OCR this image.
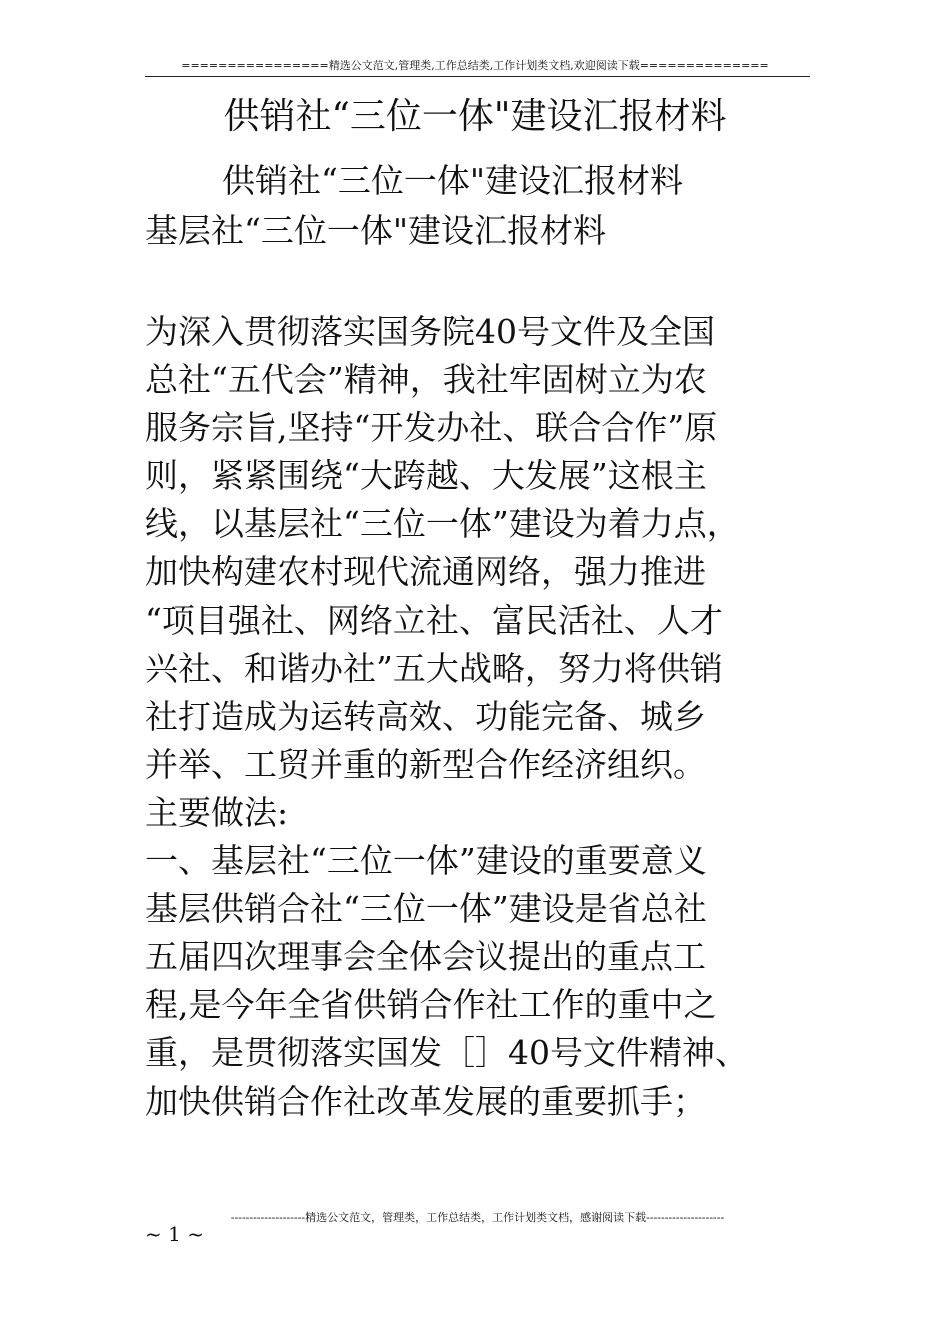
================精选公文范文,管理类,工作总结类,工作计划类文档,欢迎阅读下载==============
供销社“三位一体"建设汇报材料
供销社“三位一体"建设汇报材料
基层社“三位一体"建设汇报材料
为深入贯彻落实国务院40号文件及全国
总社“五代会”精神，我社牢固树立为农
服务宗旨,坚持“开发办社、联合合作”原
则，紧紧围绕“大跨越、大发展”这根主
线，以基层社“三位一体”建设为着力点，
加快构建农村现代流通网络，强力推进
“项目强社、网络立社、富民活社、人才
兴社、和谐办社”五大战略，努力将供销
社打造成为运转高效、功能完备、城乡
并举、工贸并重的新型合作经济组织。
主要做法:
一、基层社“三位一体”建设的重要意义
基层供销合社“三位一体”建设是省总社
五届四次理事会全体会议提出的重点工
程,是今年全省供销合作社工作的重中之
重，是贯彻落实国发［］40号文件精神、
加快供销合作社改革发展的重要抓手；
--------------------精选公文范文，管理类，工作总结类，工作计划类文档，感谢阅读下载---------------------
~ 1 ~
